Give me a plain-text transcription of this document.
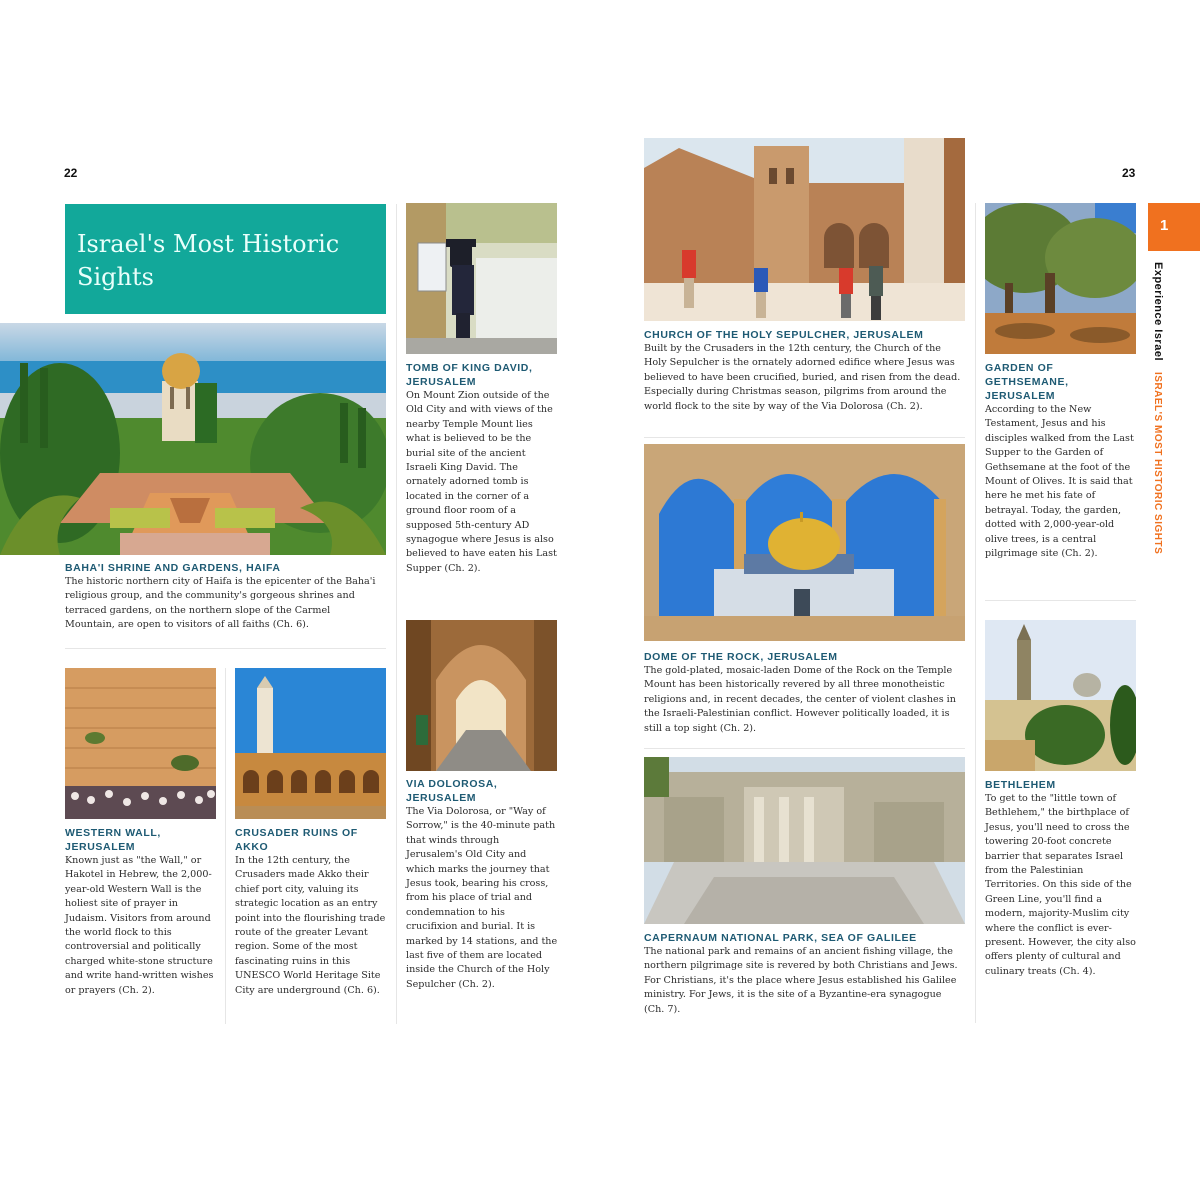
22
Israel's Most Historic Sights
BAHA'I SHRINE AND GARDENS, HAIFA
The historic northern city of Haifa is the epicenter of the Baha'i religious group, and the community's gorgeous shrines and terraced gardens, on the northern slope of the Carmel Mountain, are open to visitors of all faiths (Ch. 6).
TOMB OF KING DAVID, JERUSALEM
On Mount Zion outside of the Old City and with views of the nearby Temple Mount lies what is believed to be the burial site of the ancient Israeli King David. The ornately adorned tomb is located in the corner of a ground floor room of a supposed 5th-century AD synagogue where Jesus is also believed to have eaten his Last Supper (Ch. 2).
WESTERN WALL, JERUSALEM
Known just as "the Wall," or Hakotel in Hebrew, the 2,000-year-old Western Wall is the holiest site of prayer in Judaism. Visitors from around the world flock to this controversial and politically charged white-stone structure and write hand-written wishes or prayers (Ch. 2).
CRUSADER RUINS OF AKKO
In the 12th century, the Crusaders made Akko their chief port city, valuing its strategic location as an entry point into the flourishing trade route of the greater Levant region. Some of the most fascinating ruins in this UNESCO World Heritage Site City are underground (Ch. 6).
VIA DOLOROSA, JERUSALEM
The Via Dolorosa, or "Way of Sorrow," is the 40-minute path that winds through Jerusalem's Old City and which marks the journey that Jesus took, bearing his cross, from his place of trial and condemnation to his crucifixion and burial. It is marked by 14 stations, and the last five of them are located inside the Church of the Holy Sepulcher (Ch. 2).
23
1
Experience Israel
ISRAEL'S MOST HISTORIC SIGHTS
CHURCH OF THE HOLY SEPULCHER, JERUSALEM
Built by the Crusaders in the 12th century, the Church of the Holy Sepulcher is the ornately adorned edifice where Jesus was believed to have been crucified, buried, and risen from the dead. Especially during Christmas season, pilgrims from around the world flock to the site by way of the Via Dolorosa (Ch. 2).
GARDEN OF GETHSEMANE, JERUSALEM
According to the New Testament, Jesus and his disciples walked from the Last Supper to the Garden of Gethsemane at the foot of the Mount of Olives. It is said that here he met his fate of betrayal. Today, the garden, dotted with 2,000-year-old olive trees, is a central pilgrimage site (Ch. 2).
DOME OF THE ROCK, JERUSALEM
The gold-plated, mosaic-laden Dome of the Rock on the Temple Mount has been historically revered by all three monotheistic religions and, in recent decades, the center of violent clashes in the Israeli-Palestinian conflict. However politically loaded, it is still a top sight (Ch. 2).
BETHLEHEM
To get to the "little town of Bethlehem," the birthplace of Jesus, you'll need to cross the towering 20-foot concrete barrier that separates Israel from the Palestinian Territories. On this side of the Green Line, you'll find a modern, majority-Muslim city where the conflict is ever-present. However, the city also offers plenty of cultural and culinary treats (Ch. 4).
CAPERNAUM NATIONAL PARK, SEA OF GALILEE
The national park and remains of an ancient fishing village, the northern pilgrimage site is revered by both Christians and Jews. For Christians, it's the place where Jesus established his Galilee ministry. For Jews, it is the site of a Byzantine-era synagogue (Ch. 7).
